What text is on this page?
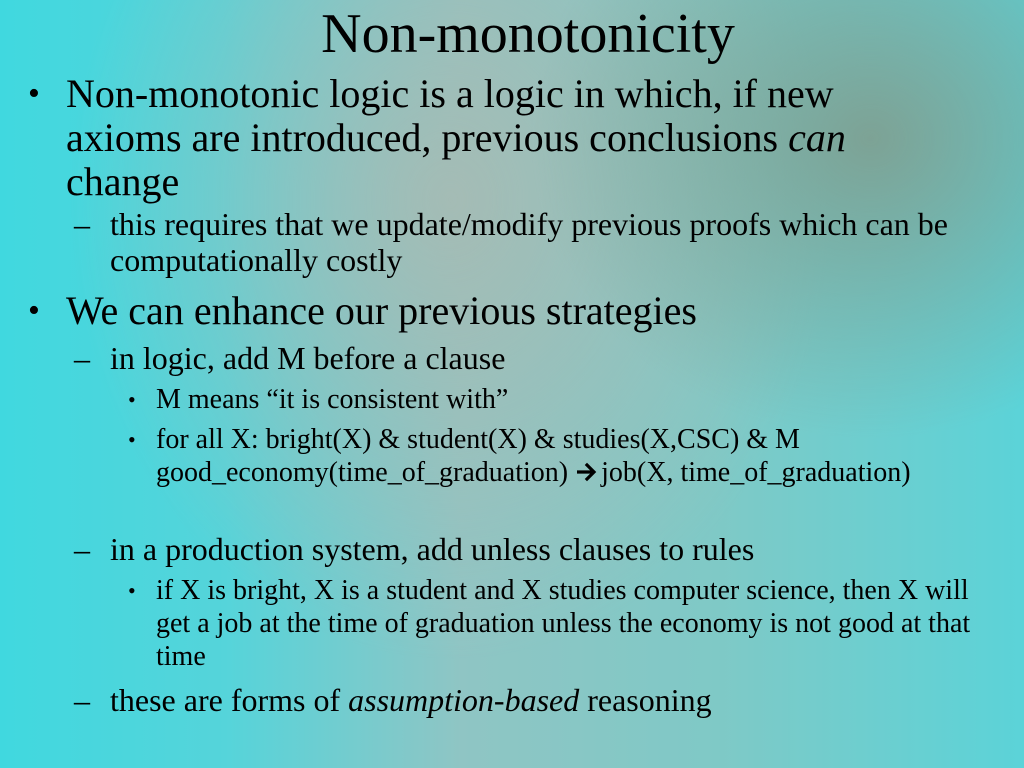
Non-monotonicity
• Non-monotonic logic is a logic in which, if new axioms are introduced, previous conclusions can change
– this requires that we update/modify previous proofs which can be computationally costly
• We can enhance our previous strategies
– in logic, add M before a clause
• M means “it is consistent with”
• for all X: bright(X) & student(X) & studies(X,CSC) & M good_economy(time_of_graduation) job(X, time_of_graduation)
– in a production system, add unless clauses to rules
• if X is bright, X is a student and X studies computer science, then X will get a job at the time of graduation unless the economy is not good at that time
– these are forms of assumption-based reasoning
